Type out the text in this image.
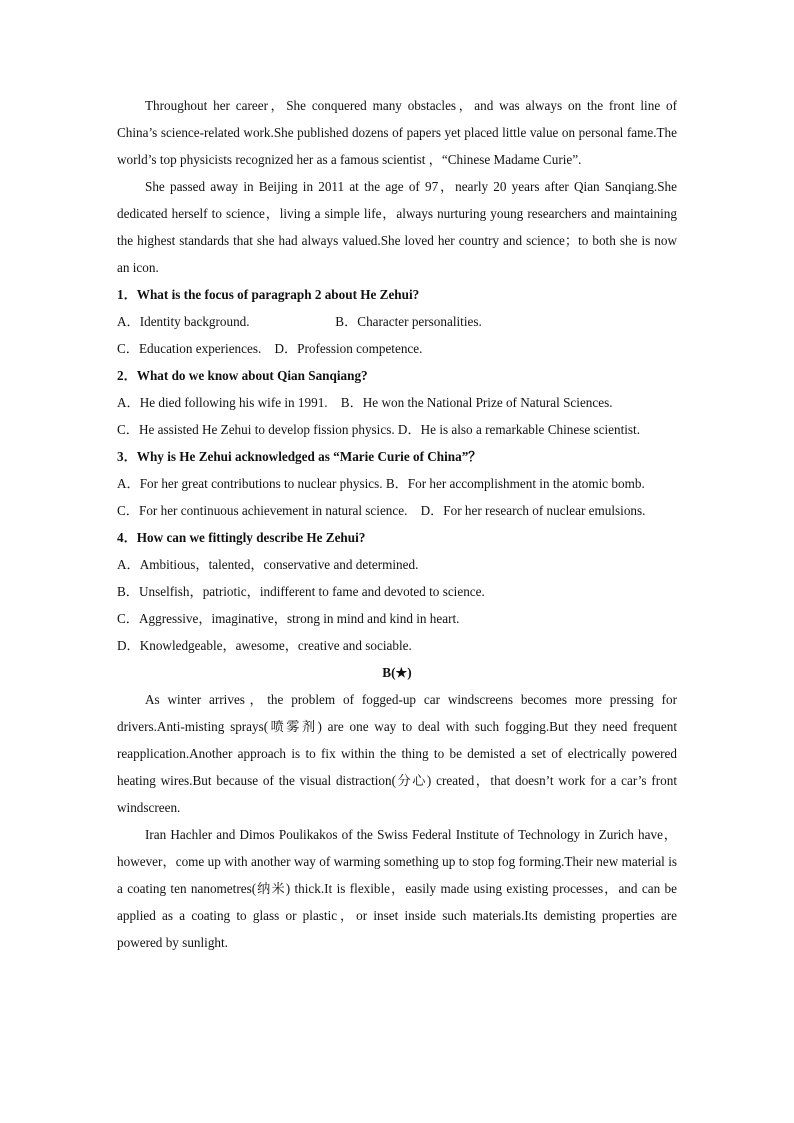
Throughout her career，She conquered many obstacles，and was always on the front line of China’s science-related work.She published dozens of papers yet placed little value on personal fame.The world’s top physicists recognized her as a famous scientist ，“Chinese Madame Curie”.

She passed away in Beijing in 2011 at the age of 97，nearly 20 years after Qian Sanqiang.She dedicated herself to science，living a simple life，always nurturing young researchers and maintaining the highest standards that she had always valued.She loved her country and science；to both she is now an icon.

1．What is the focus of paragraph 2 about He Zehui?

A．Identity background.                          B．Character personalities.

C．Education experiences.    D．Profession competence.

2．What do we know about Qian Sanqiang?

A．He died following his wife in 1991.    B．He won the National Prize of Natural Sciences.

C．He assisted He Zehui to develop fission physics. D．He is also a remarkable Chinese scientist.

3．Why is He Zehui acknowledged as “Marie Curie of China”？

A．For her great contributions to nuclear physics. B．For her accomplishment in the atomic bomb.

C．For her continuous achievement in natural science.    D．For her research of nuclear emulsions.

4．How can we fittingly describe He Zehui?

A．Ambitious，talented，conservative and determined.

B．Unselfish，patriotic，indifferent to fame and devoted to science.

C．Aggressive，imaginative，strong in mind and kind in heart.

D．Knowledgeable，awesome，creative and sociable.

B(★)

As winter arrives，the problem of fogged-up car windscreens becomes more pressing for drivers.Anti-misting sprays(喷雾剂) are one way to deal with such fogging.But they need frequent reapplication.Another approach is to fix within the thing to be demisted a set of electrically powered heating wires.But because of the visual distraction(分心) created，that doesn’t work for a car’s front windscreen.

Iran Hachler and Dimos Poulikakos of the Swiss Federal Institute of Technology in Zurich have，however，come up with another way of warming something up to stop fog forming.Their new material is a coating ten nanometres(纳米) thick.It is flexible，easily made using existing processes，and can be applied as a coating to glass or plastic，or inset inside such materials.Its demisting properties are powered by sunlight.
